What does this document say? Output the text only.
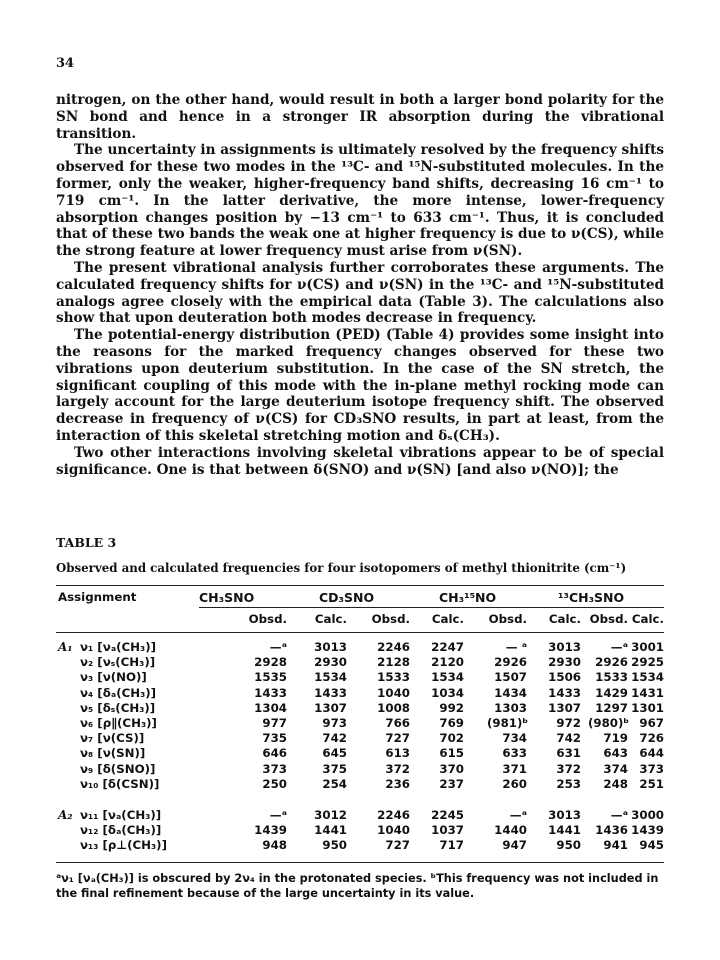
34

nitrogen, on the other hand, would result in both a larger bond polarity for the SN bond and hence in a stronger IR absorption during the vibrational transition.

The uncertainty in assignments is ultimately resolved by the frequency shifts observed for these two modes in the ¹³C- and ¹⁵N-substituted molecules. In the former, only the weaker, higher-frequency band shifts, decreasing 16 cm⁻¹ to 719 cm⁻¹. In the latter derivative, the more intense, lower-frequency absorption changes position by −13 cm⁻¹ to 633 cm⁻¹. Thus, it is concluded that of these two bands the weak one at higher frequency is due to ν(CS), while the strong feature at lower frequency must arise from ν(SN).

The present vibrational analysis further corroborates these arguments. The calculated frequency shifts for ν(CS) and ν(SN) in the ¹³C- and ¹⁵N-substituted analogs agree closely with the empirical data (Table 3). The calculations also show that upon deuteration both modes decrease in frequency.

The potential-energy distribution (PED) (Table 4) provides some insight into the reasons for the marked frequency changes observed for these two vibrations upon deuterium substitution. In the case of the SN stretch, the significant coupling of this mode with the in-plane methyl rocking mode can largely account for the large deuterium isotope frequency shift. The observed decrease in frequency of ν(CS) for CD₃SNO results, in part at least, from the interaction of this skeletal stretching motion and δₛ(CH₃).

Two other interactions involving skeletal vibrations appear to be of special significance. One is that between δ(SNO) and ν(SN) [and also ν(NO)]; the

TABLE 3
Observed and calculated frequencies for four isotopomers of methyl thionitrite (cm⁻¹)
Assignment	CH₃SNO	CD₃SNO	CH₃¹⁵NO	¹³CH₃SNO
Obsd.	Calc. Obsd.	Calc. Obsd.	Calc. Obsd. Calc.
A₁
A₂
ν₁ [νₐ(CH₃)]	—ᵃ	3013	2246	2247	— ᵃ	3013	—ᵃ 3001
ν₂ [νₛ(CH₃)]	2928	2930	2128	2120	2926	2930	2926 2925
ν₃ [ν(NO)]	1535	1534	1533	1534	1507	1506	1533 1534
ν₄ [δₐ(CH₃)]	1433	1433	1040	1034	1434	1433	1429 1431
ν₅ [δₛ(CH₃)]	1304	1307	1008	992	1303	1307	1297 1301
ν₆ [ρ∥(CH₃)]	977	973	766	769 (981)ᵇ	972 (980)ᵇ 967
ν₇ [ν(CS)]	735	742	727	702	734	742	719 726
ν₈ [ν(SN)]	646	645	613	615	633	631	643 644
ν₉ [δ(SNO)]	373	375	372	370	371	372	374 373
ν₁₀ [δ(CSN)]	250	254	236	237	260	253	248 251
ν₁₁ [νₐ(CH₃)]	—ᵃ	3012	2246	2245	—ᵃ	3013	—ᵃ 3000
ν₁₂ [δₐ(CH₃)]	1439	1441	1040	1037	1440	1441	1436 1439
ν₁₃ [ρ⊥(CH₃)]	948	950	727	717	947	950	941 945
ᵃν₁ [νₐ(CH₃)] is obscured by 2ν₄ in the protonated species. ᵇThis frequency was not included in the final refinement because of the large uncertainty in its value.
